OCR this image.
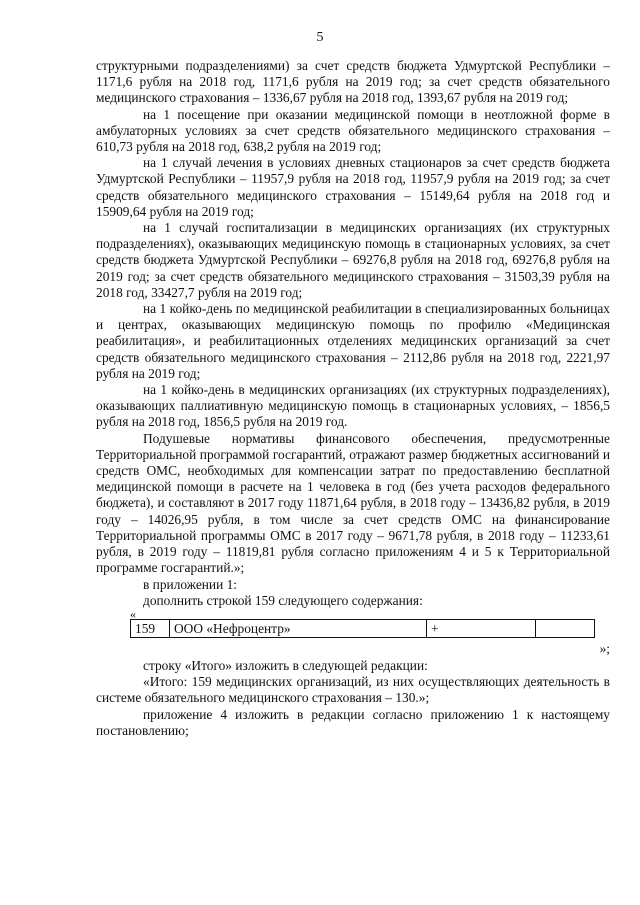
5

структурными подразделениями) за счет средств бюджета Удмуртской Республики – 1171,6 рубля на 2018 год, 1171,6 рубля на 2019 год; за счет средств обязательного медицинского страхования – 1336,67 рубля на 2018 год, 1393,67 рубля на 2019 год;

на 1 посещение при оказании медицинской помощи в неотложной форме в амбулаторных условиях за счет средств обязательного медицинского страхования – 610,73 рубля на 2018 год, 638,2 рубля на 2019 год;

на 1 случай лечения в условиях дневных стационаров за счет средств бюджета Удмуртской Республики – 11957,9 рубля на 2018 год, 11957,9 рубля на 2019 год; за счет средств обязательного медицинского страхования – 15149,64 рубля на 2018 год и 15909,64 рубля на 2019 год;

на 1 случай госпитализации в медицинских организациях (их структурных подразделениях), оказывающих медицинскую помощь в стационарных условиях, за счет средств бюджета Удмуртской Республики – 69276,8 рубля на 2018 год, 69276,8 рубля на 2019 год; за счет средств обязательного медицинского страхования – 31503,39 рубля на 2018 год, 33427,7 рубля на 2019 год;

на 1 койко-день по медицинской реабилитации в специализированных больницах и центрах, оказывающих медицинскую помощь по профилю «Медицинская реабилитация», и реабилитационных отделениях медицинских организаций за счет средств обязательного медицинского страхования – 2112,86 рубля на 2018 год, 2221,97 рубля на 2019 год;

на 1 койко-день в медицинских организациях (их структурных подразделениях), оказывающих паллиативную медицинскую помощь в стационарных условиях, – 1856,5 рубля на 2018 год, 1856,5 рубля на 2019 год.

Подушевые нормативы финансового обеспечения, предусмотренные Территориальной программой госгарантий, отражают размер бюджетных ассигнований и средств ОМС, необходимых для компенсации затрат по предоставлению бесплатной медицинской помощи в расчете на 1 человека в год (без учета расходов федерального бюджета), и составляют в 2017 году 11871,64 рубля, в 2018 году – 13436,82 рубля, в 2019 году – 14026,95 рубля, в том числе за счет средств ОМС на финансирование Территориальной программы ОМС в 2017 году – 9671,78 рубля, в 2018 году – 11233,61 рубля, в 2019 году – 11819,81 рубля согласно приложениям 4 и 5 к Территориальной программе госгарантий.»;

в приложении 1:

дополнить строкой 159 следующего содержания:

«
159	ООО «Нефроцентр»	+	
»;

строку «Итого» изложить в следующей редакции:

«Итого: 159 медицинских организаций, из них осуществляющих деятельность в системе обязательного медицинского страхования – 130.»;

приложение 4 изложить в редакции согласно приложению 1 к настоящему постановлению;
